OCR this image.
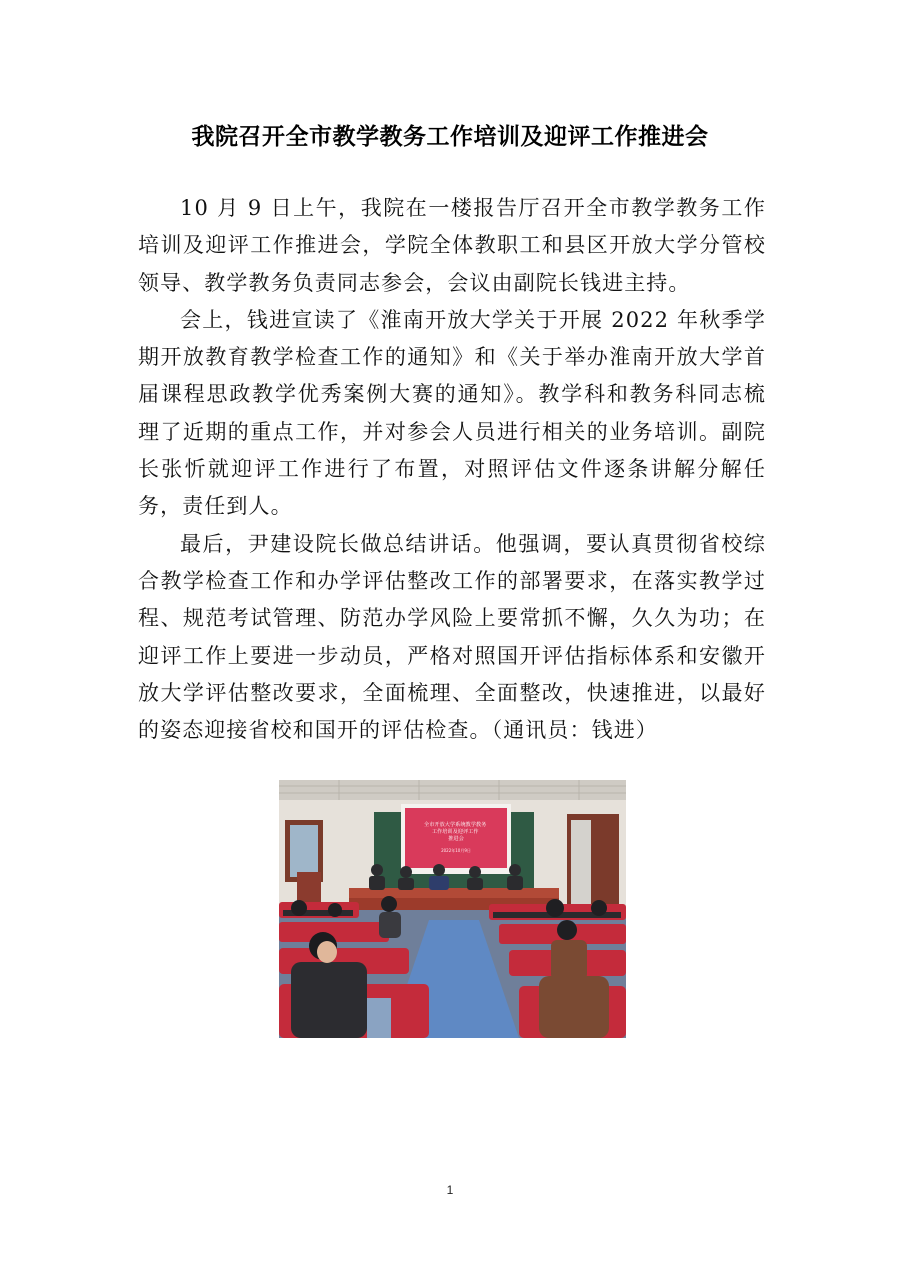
我院召开全市教学教务工作培训及迎评工作推进会

10 月 9 日上午，我院在一楼报告厅召开全市教学教务工作培训及迎评工作推进会，学院全体教职工和县区开放大学分管校领导、教学教务负责同志参会，会议由副院长钱进主持。

会上，钱进宣读了《淮南开放大学关于开展 2022 年秋季学期开放教育教学检查工作的通知》和《关于举办淮南开放大学首届课程思政教学优秀案例大赛的通知》。教学科和教务科同志梳理了近期的重点工作，并对参会人员进行相关的业务培训。副院长张忻就迎评工作进行了布置，对照评估文件逐条讲解分解任务，责任到人。

最后，尹建设院长做总结讲话。他强调，要认真贯彻省校综合教学检查工作和办学评估整改工作的部署要求，在落实教学过程、规范考试管理、防范办学风险上要常抓不懈，久久为功；在迎评工作上要进一步动员，严格对照国开评估指标体系和安徽开放大学评估整改要求，全面梳理、全面整改，快速推进，以最好的姿态迎接省校和国开的评估检查。（通讯员：钱进）

全市开放大学系统教学教务 工作培训及迎评工作 推进会
2022年10月9日
1
